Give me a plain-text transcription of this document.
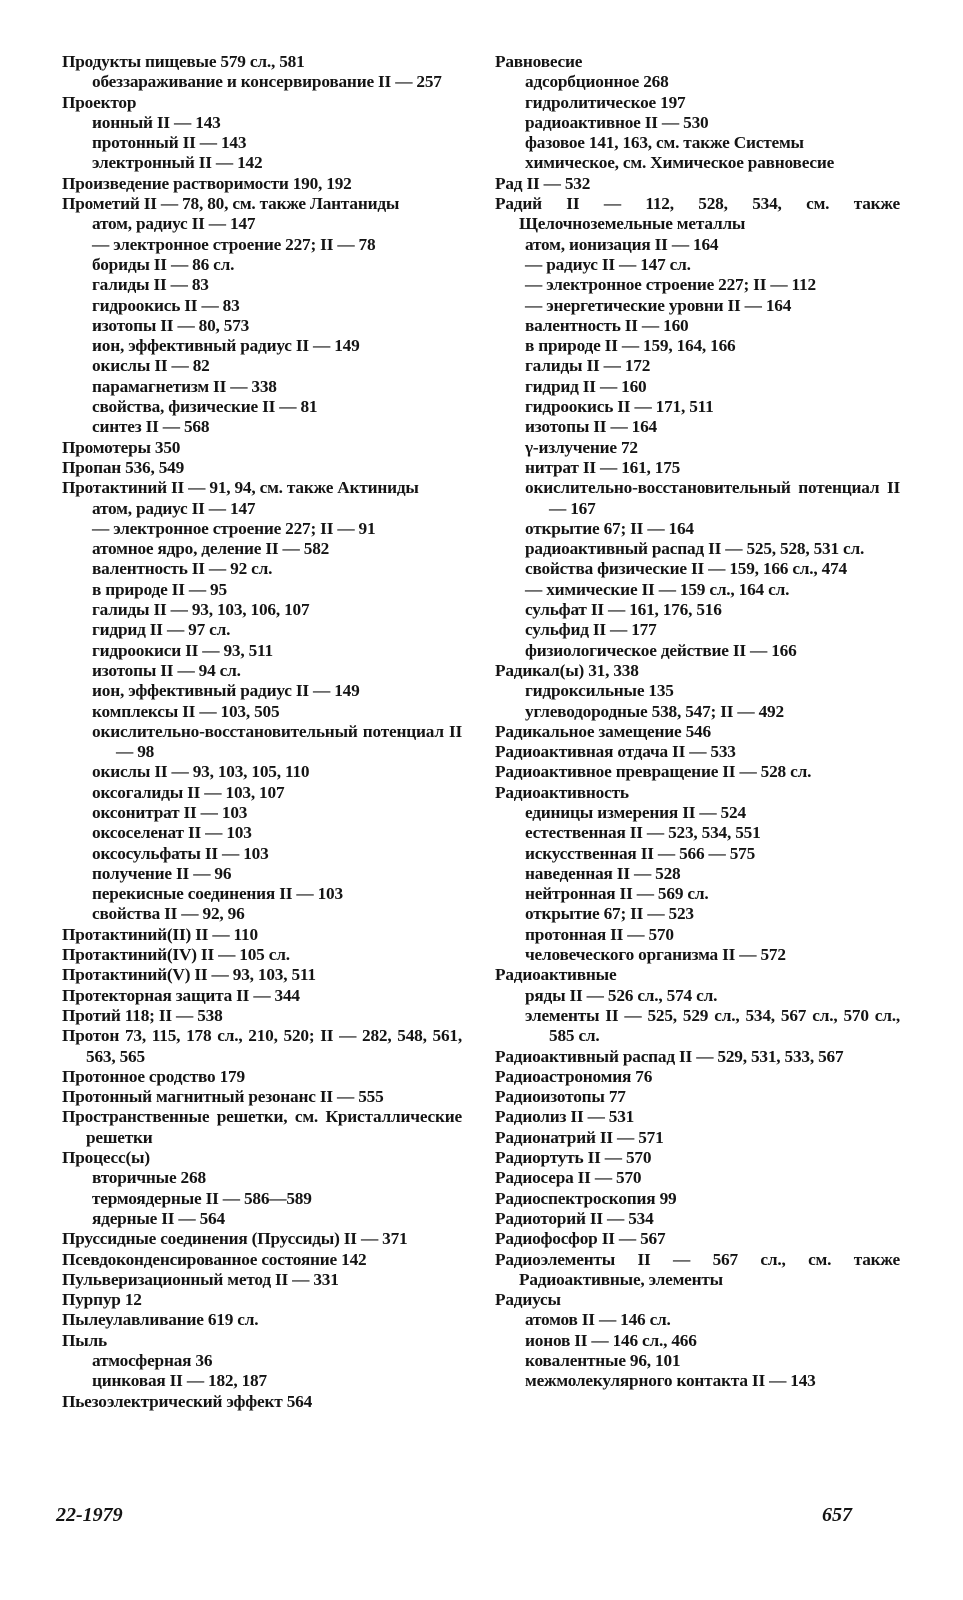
Продукты пищевые 579 сл., 581

обеззараживание и консервирование II — 257

Проектор

ионный II — 143

протонный II — 143

электронный II — 142

Произведение растворимости 190, 192

Прометий II — 78, 80, см. также Лантаниды

атом, радиус II — 147

— электронное строение 227; II — 78

бориды II — 86 сл.

галиды II — 83

гидроокись II — 83

изотопы II — 80, 573

ион, эффективный радиус II — 149

окислы II — 82

парамагнетизм II — 338

свойства, физические II — 81

синтез II — 568

Промотеры 350

Пропан 536, 549

Протактиний II — 91, 94, см. также Актиниды

атом, радиус II — 147

— электронное строение 227; II — 91

атомное ядро, деление II — 582

валентность II — 92 сл.

в природе II — 95

галиды II — 93, 103, 106, 107

гидрид II — 97 сл.

гидроокиси II — 93, 511

изотопы II — 94 сл.

ион, эффективный радиус II — 149

комплексы II — 103, 505

окислительно-восстановительный потенциал II — 98

окислы II — 93, 103, 105, 110

оксогалиды II — 103, 107

оксонитрат II — 103

оксоселенат II — 103

оксосульфаты II — 103

получение II — 96

перекисные соединения II — 103

свойства II — 92, 96

Протактиний(II) II — 110

Протактиний(IV) II — 105 сл.

Протактиний(V) II — 93, 103, 511

Протекторная защита II — 344

Протий 118; II — 538

Протон 73, 115, 178 сл., 210, 520; II — 282, 548, 561, 563, 565

Протонное сродство 179

Протонный магнитный резонанс II — 555

Пространственные решетки, см. Кристаллические решетки

Процесс(ы)

вторичные 268

термоядерные II — 586—589

ядерные II — 564

Пруссидные соединения (Пруссиды) II — 371

Псевдоконденсированное состояние 142

Пульверизационный метод II — 331

Пурпур 12

Пылеулавливание 619 сл.

Пыль

атмосферная 36

цинковая II — 182, 187

Пьезоэлектрический эффект 564

Равновесие

адсорбционное 268

гидролитическое 197

радиоактивное II — 530

фазовое 141, 163, см. также Системы

химическое, см. Химическое равновесие

Рад II — 532

Радий II — 112, 528, 534, см. также Щелочноземельные металлы

атом, ионизация II — 164

— радиус II — 147 сл.

— электронное строение 227; II — 112

— энергетические уровни II — 164

валентность II — 160

в природе II — 159, 164, 166

галиды II — 172

гидрид II — 160

гидроокись II — 171, 511

изотопы II — 164

γ-излучение 72

нитрат II — 161, 175

окислительно-восстановительный потенциал II — 167

открытие 67; II — 164

радиоактивный распад II — 525, 528, 531 сл.

свойства физические II — 159, 166 сл., 474

— химические II — 159 сл., 164 сл.

сульфат II — 161, 176, 516

сульфид II — 177

физиологическое действие II — 166

Радикал(ы) 31, 338

гидроксильные 135

углеводородные 538, 547; II — 492

Радикальное замещение 546

Радиоактивная отдача II — 533

Радиоактивное превращение II — 528 сл.

Радиоактивность

единицы измерения II — 524

естественная II — 523, 534, 551

искусственная II — 566 — 575

наведенная II — 528

нейтронная II — 569 сл.

открытие 67; II — 523

протонная II — 570

человеческого организма II — 572

Радиоактивные

ряды II — 526 сл., 574 сл.

элементы II — 525, 529 сл., 534, 567 сл., 570 сл., 585 сл.

Радиоактивный распад II — 529, 531, 533, 567

Радиоастрономия 76

Радиоизотопы 77

Радиолиз II — 531

Радионатрий II — 571

Радиортуть II — 570

Радиосера II — 570

Радиоспектроскопия 99

Радиоторий II — 534

Радиофосфор II — 567

Радиоэлементы II — 567 сл., см. также Радиоактивные, элементы

Радиусы

атомов II — 146 сл.

ионов II — 146 сл., 466

ковалентные 96, 101

межмолекулярного контакта II — 143

22-1979	657
